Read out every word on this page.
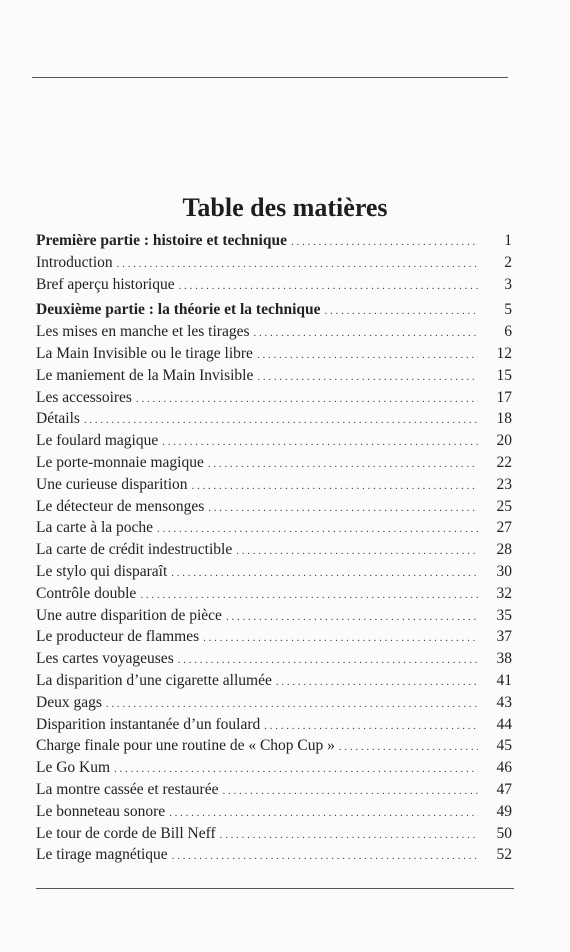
Table des matières
Première partie : histoire et technique . . .	1
Introduction . . .	2
Bref aperçu historique . . .	3
Deuxième partie : la théorie et la technique . . .	5
Les mises en manche et les tirages . . .	6
La Main Invisible ou le tirage libre . . .	12
Le maniement de la Main Invisible . . .	15
Les accessoires . . .	17
Détails . . .	18
Le foulard magique . . .	20
Le porte-monnaie magique . . .	22
Une curieuse disparition . . .	23
Le détecteur de mensonges . . .	25
La carte à la poche . . .	27
La carte de crédit indestructible . . .	28
Le stylo qui disparaît . . .	30
Contrôle double . . .	32
Une autre disparition de pièce . . .	35
Le producteur de flammes . . .	37
Les cartes voyageuses . . .	38
La disparition d’une cigarette allumée . . .	41
Deux gags . . .	43
Disparition instantanée d’un foulard . . .	44
Charge finale pour une routine de « Chop Cup » . . .	45
Le Go Kum . . .	46
La montre cassée et restaurée . . .	47
Le bonneteau sonore . . .	49
Le tour de corde de Bill Neff . . .	50
Le tirage magnétique . . .	52
